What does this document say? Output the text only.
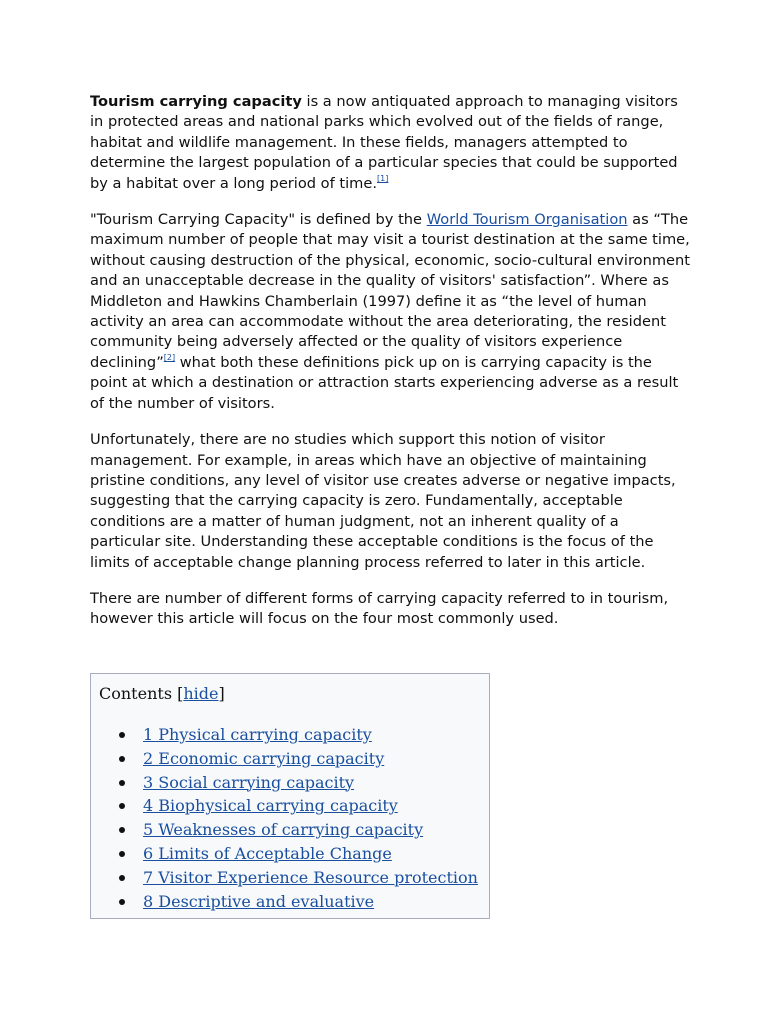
Tourism carrying capacity is a now antiquated approach to managing visitors in protected areas and national parks which evolved out of the fields of range, habitat and wildlife management. In these fields, managers attempted to determine the largest population of a particular species that could be supported by a habitat over a long period of time.[1]

"Tourism Carrying Capacity" is defined by the World Tourism Organisation as “The maximum number of people that may visit a tourist destination at the same time, without causing destruction of the physical, economic, socio-cultural environment and an unacceptable decrease in the quality of visitors' satisfaction”. Where as Middleton and Hawkins Chamberlain (1997) define it as “the level of human activity an area can accommodate without the area deteriorating, the resident community being adversely affected or the quality of visitors experience declining”[2] what both these definitions pick up on is carrying capacity is the point at which a destination or attraction starts experiencing adverse as a result of the number of visitors.

Unfortunately, there are no studies which support this notion of visitor management. For example, in areas which have an objective of maintaining pristine conditions, any level of visitor use creates adverse or negative impacts, suggesting that the carrying capacity is zero. Fundamentally, acceptable conditions are a matter of human judgment, not an inherent quality of a particular site. Understanding these acceptable conditions is the focus of the limits of acceptable change planning process referred to later in this article.

There are number of different forms of carrying capacity referred to in tourism, however this article will focus on the four most commonly used.

Contents [hide]
1 Physical carrying capacity
2 Economic carrying capacity
3 Social carrying capacity
4 Biophysical carrying capacity
5 Weaknesses of carrying capacity
6 Limits of Acceptable Change
7 Visitor Experience Resource protection
8 Descriptive and evaluative
